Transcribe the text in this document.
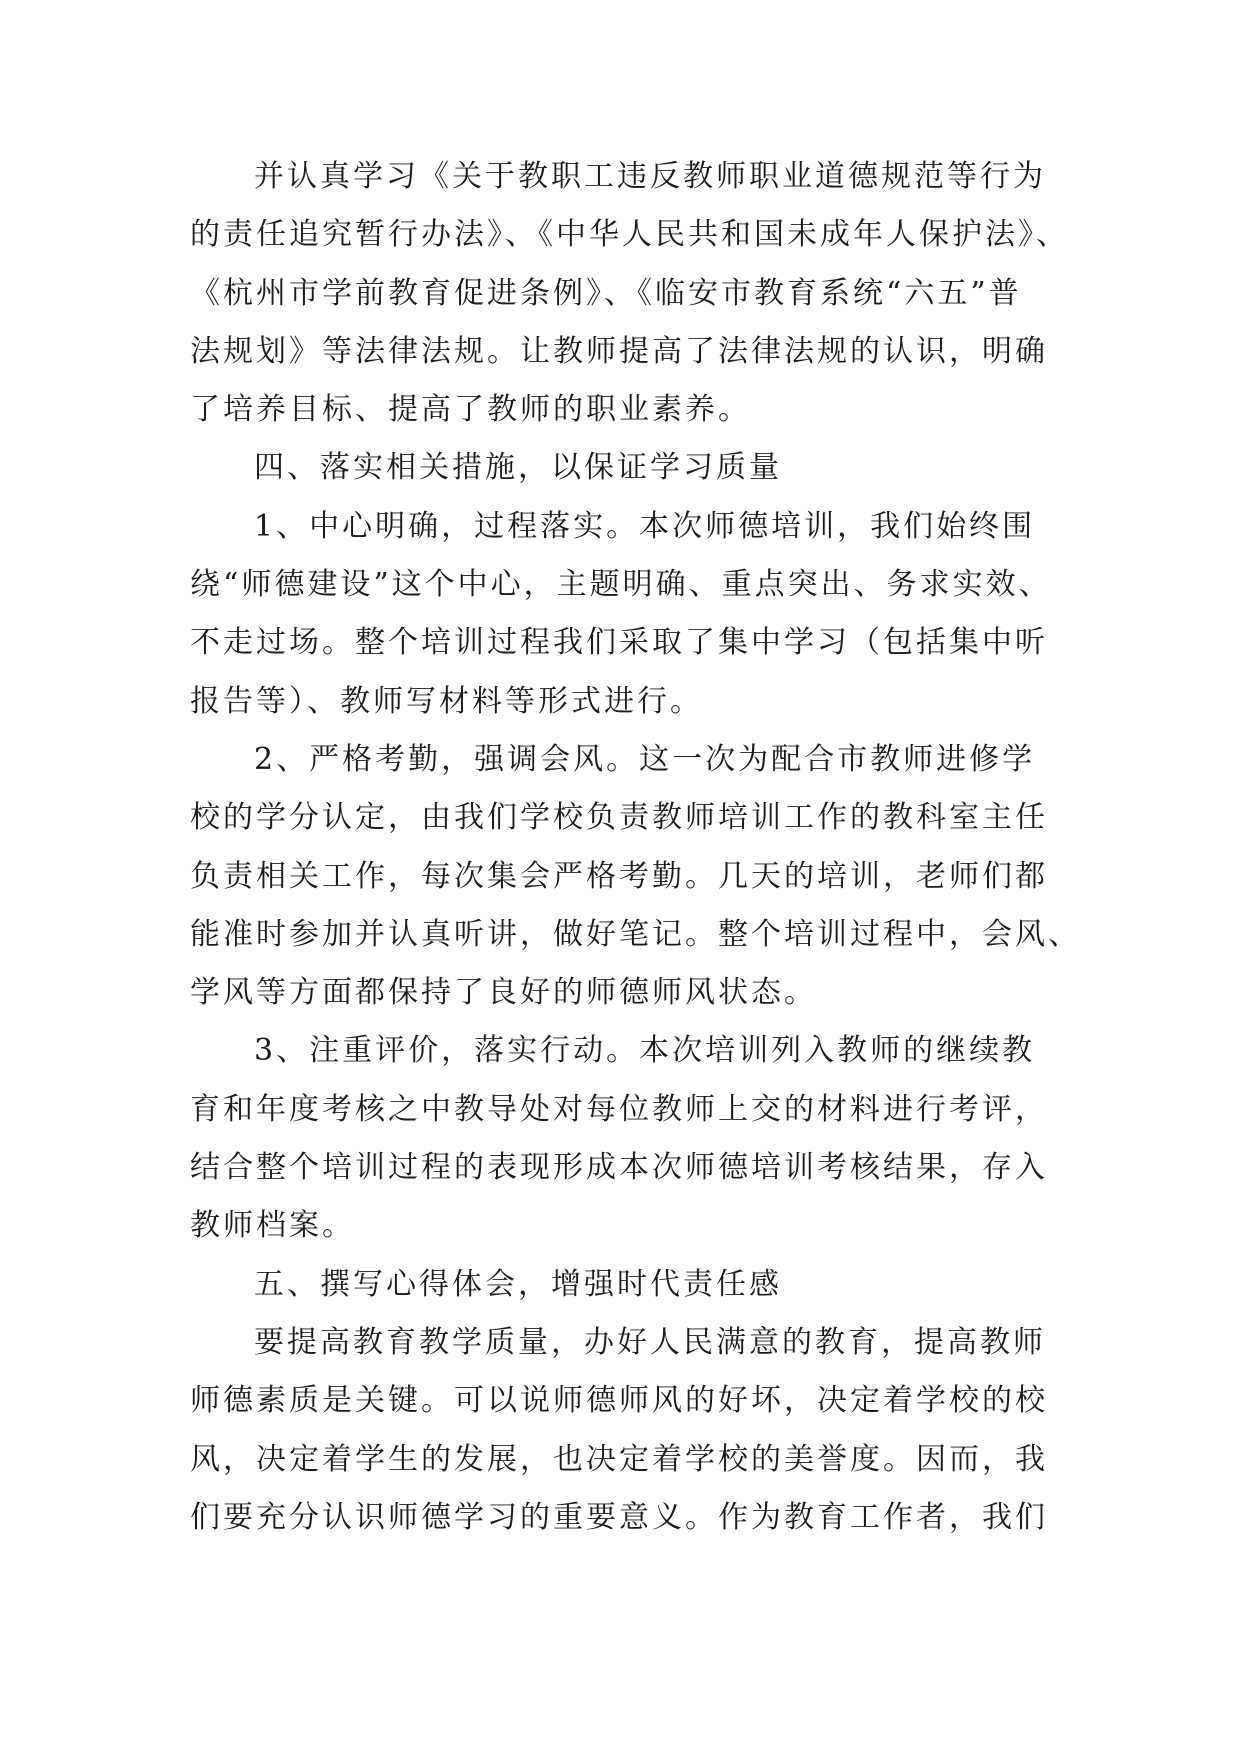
并认真学习《关于教职工违反教师职业道德规范等行为
的责任追究暂行办法》、《中华人民共和国未成年人保护法》、
《杭州市学前教育促进条例》、《临安市教育系统“六五”普
法规划》等法律法规。让教师提高了法律法规的认识，明确
了培养目标、提高了教师的职业素养。
四、落实相关措施，以保证学习质量
1、中心明确，过程落实。本次师德培训，我们始终围
绕“师德建设”这个中心，主题明确、重点突出、务求实效、
不走过场。整个培训过程我们采取了集中学习（包括集中听
报告等）、教师写材料等形式进行。
2、严格考勤，强调会风。这一次为配合市教师进修学
校的学分认定，由我们学校负责教师培训工作的教科室主任
负责相关工作，每次集会严格考勤。几天的培训，老师们都
能准时参加并认真听讲，做好笔记。整个培训过程中，会风、
学风等方面都保持了良好的师德师风状态。
3、注重评价，落实行动。本次培训列入教师的继续教
育和年度考核之中教导处对每位教师上交的材料进行考评，
结合整个培训过程的表现形成本次师德培训考核结果，存入
教师档案。
五、撰写心得体会，增强时代责任感
要提高教育教学质量，办好人民满意的教育，提高教师
师德素质是关键。可以说师德师风的好坏，决定着学校的校
风，决定着学生的发展，也决定着学校的美誉度。因而，我
们要充分认识师德学习的重要意义。作为教育工作者，我们
